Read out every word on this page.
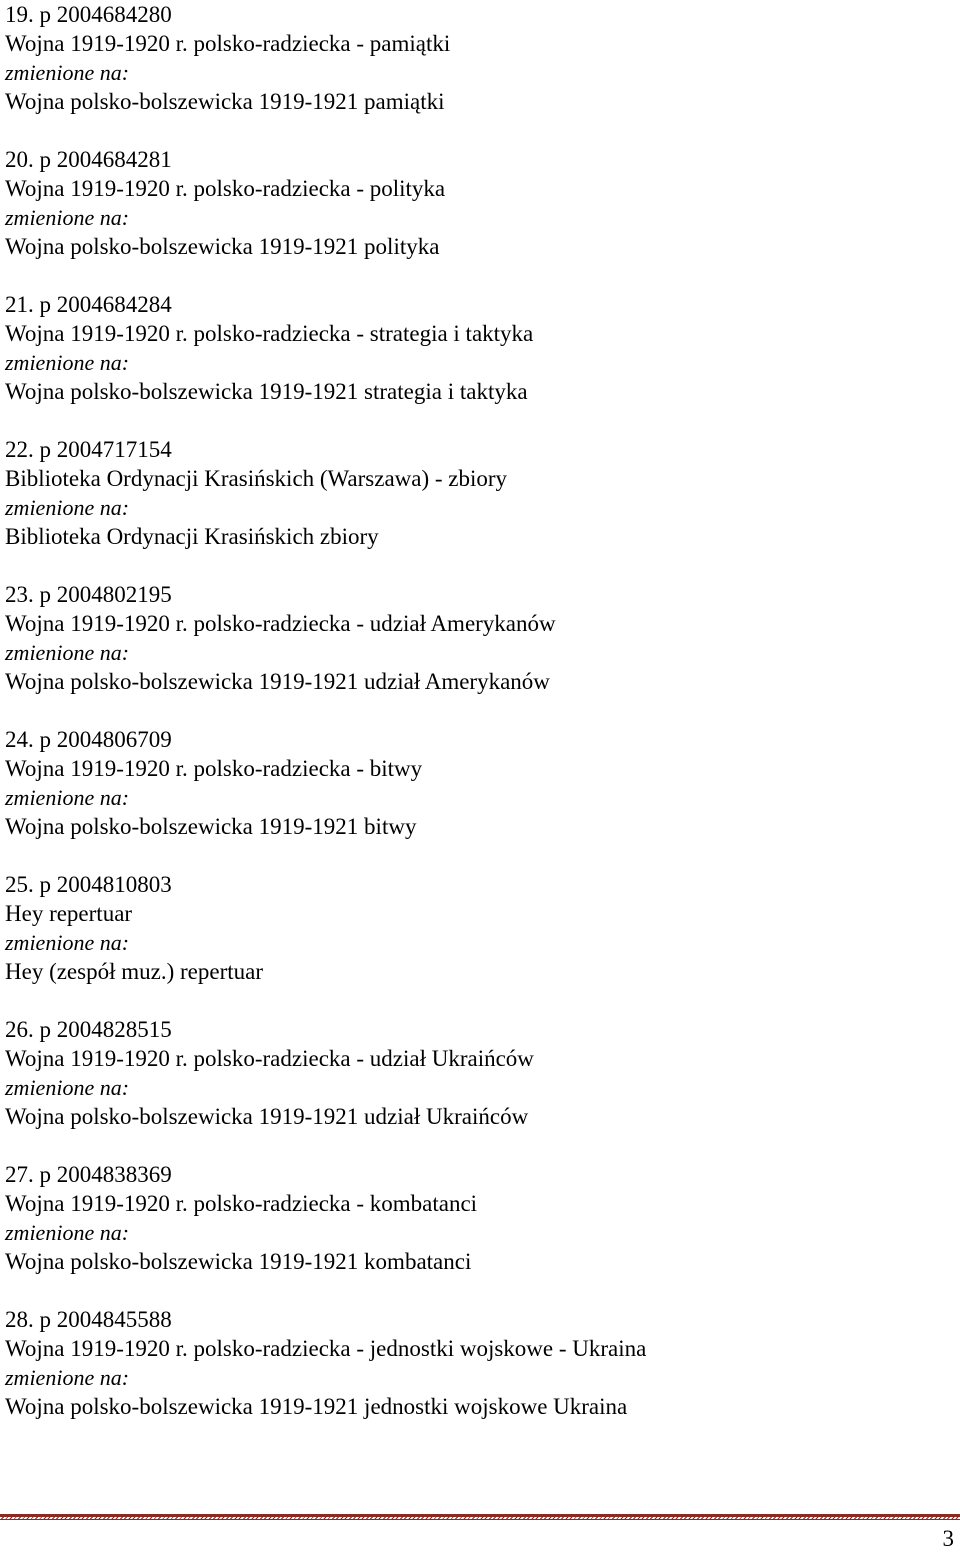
19. p 2004684280
Wojna 1919-1920 r. polsko-radziecka - pamiątki
zmienione na:
Wojna polsko-bolszewicka 1919-1921 pamiątki
20. p 2004684281
Wojna 1919-1920 r. polsko-radziecka - polityka
zmienione na:
Wojna polsko-bolszewicka 1919-1921 polityka
21. p 2004684284
Wojna 1919-1920 r. polsko-radziecka - strategia i taktyka
zmienione na:
Wojna polsko-bolszewicka 1919-1921 strategia i taktyka
22. p 2004717154
Biblioteka Ordynacji Krasińskich (Warszawa) - zbiory
zmienione na:
Biblioteka Ordynacji Krasińskich zbiory
23. p 2004802195
Wojna 1919-1920 r. polsko-radziecka - udział Amerykanów
zmienione na:
Wojna polsko-bolszewicka 1919-1921 udział Amerykanów
24. p 2004806709
Wojna 1919-1920 r. polsko-radziecka - bitwy
zmienione na:
Wojna polsko-bolszewicka 1919-1921 bitwy
25. p 2004810803
Hey repertuar
zmienione na:
Hey (zespół muz.) repertuar
26. p 2004828515
Wojna 1919-1920 r. polsko-radziecka - udział Ukraińców
zmienione na:
Wojna polsko-bolszewicka 1919-1921 udział Ukraińców
27. p 2004838369
Wojna 1919-1920 r. polsko-radziecka - kombatanci
zmienione na:
Wojna polsko-bolszewicka 1919-1921 kombatanci
28. p 2004845588
Wojna 1919-1920 r. polsko-radziecka - jednostki wojskowe - Ukraina
zmienione na:
Wojna polsko-bolszewicka 1919-1921 jednostki wojskowe Ukraina
3
